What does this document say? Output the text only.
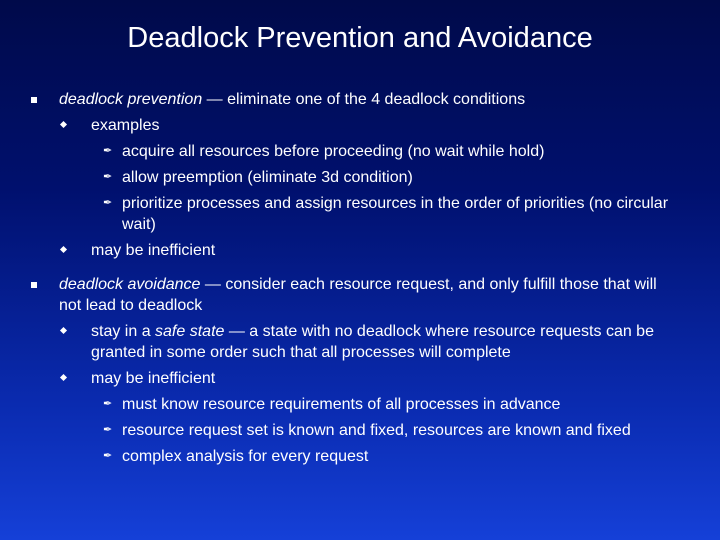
Deadlock Prevention and Avoidance
deadlock prevention — eliminate one of the 4 deadlock conditions
examples
✒ acquire all resources before proceeding (no wait while hold)
✒ allow preemption (eliminate 3d condition)
✒ prioritize processes and assign resources in the order of priorities (no circular wait)
may be inefficient
deadlock avoidance — consider each resource request, and only fulfill those that will not lead to deadlock
stay in a safe state — a state with no deadlock where resource requests can be granted in some order such that all processes will complete
may be inefficient
✒ must know resource requirements of all processes in advance
✒ resource request set is known and fixed, resources are known and fixed
✒ complex analysis for every request
